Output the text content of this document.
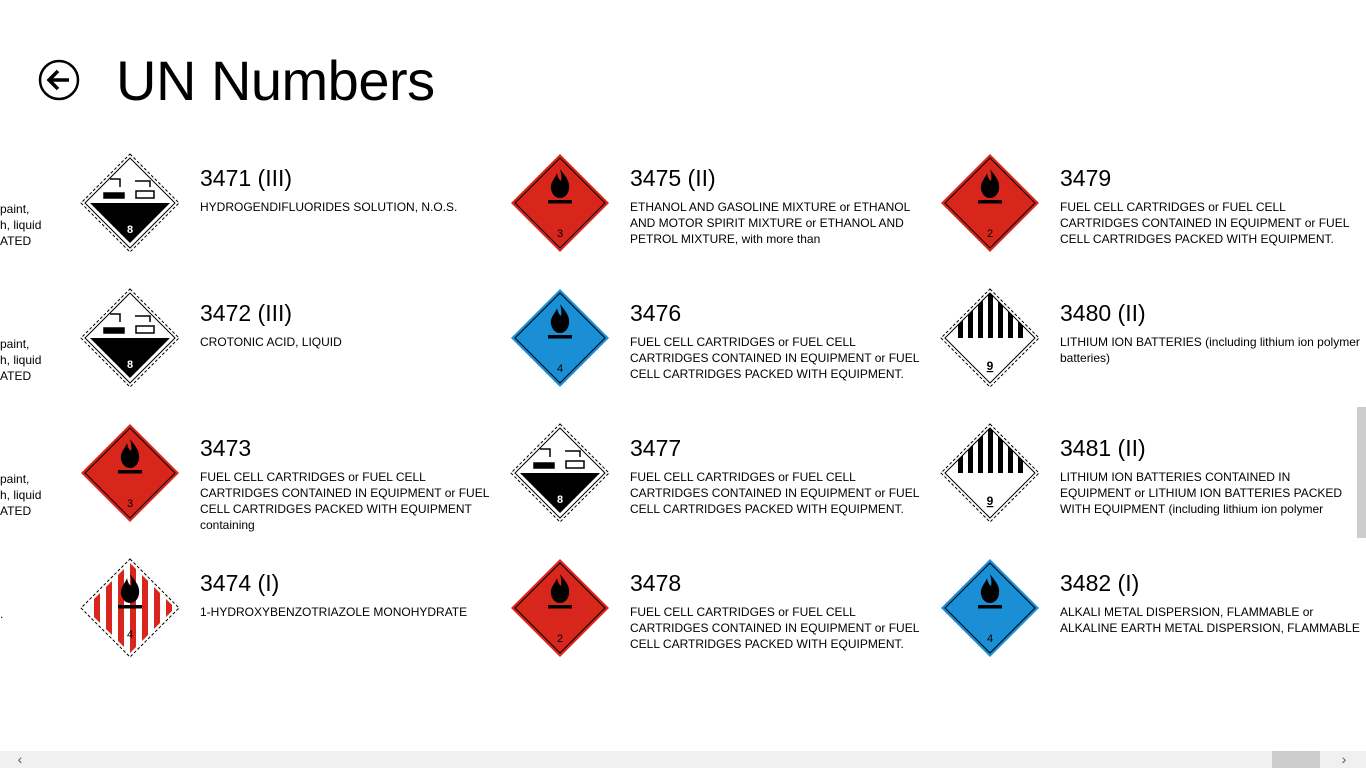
UN Numbers
paint,
h, liquid
ATED
paint,
h, liquid
ATED
paint,
h, liquid
ATED
.
8
3471 (III)
HYDROGENDIFLUORIDES SOLUTION, N.O.S.
8
3472 (III)
CROTONIC ACID, LIQUID
3
3473
FUEL CELL CARTRIDGES or FUEL CELL CARTRIDGES CONTAINED IN EQUIPMENT or FUEL CELL CARTRIDGES PACKED WITH EQUIPMENT containing
4
3474 (I)
1-HYDROXYBENZOTRIAZOLE MONOHYDRATE
3
3475 (II)
ETHANOL AND GASOLINE MIXTURE or ETHANOL AND MOTOR SPIRIT MIXTURE or ETHANOL AND PETROL MIXTURE, with more than
4
3476
FUEL CELL CARTRIDGES or FUEL CELL CARTRIDGES CONTAINED IN EQUIPMENT or FUEL CELL CARTRIDGES PACKED WITH EQUIPMENT.
8
3477
FUEL CELL CARTRIDGES or FUEL CELL CARTRIDGES CONTAINED IN EQUIPMENT or FUEL CELL CARTRIDGES PACKED WITH EQUIPMENT.
2
3478
FUEL CELL CARTRIDGES or FUEL CELL CARTRIDGES CONTAINED IN EQUIPMENT or FUEL CELL CARTRIDGES PACKED WITH EQUIPMENT.
2
3479
FUEL CELL CARTRIDGES or FUEL CELL CARTRIDGES CONTAINED IN EQUIPMENT or FUEL CELL CARTRIDGES PACKED WITH EQUIPMENT.
9
3480 (II)
LITHIUM ION BATTERIES (including lithium ion polymer batteries)
9
3481 (II)
LITHIUM ION BATTERIES CONTAINED IN EQUIPMENT or LITHIUM ION BATTERIES PACKED WITH EQUIPMENT (including lithium ion polymer
4
3482 (I)
ALKALI METAL DISPERSION, FLAMMABLE or ALKALINE EARTH METAL DISPERSION, FLAMMABLE
‹	›
